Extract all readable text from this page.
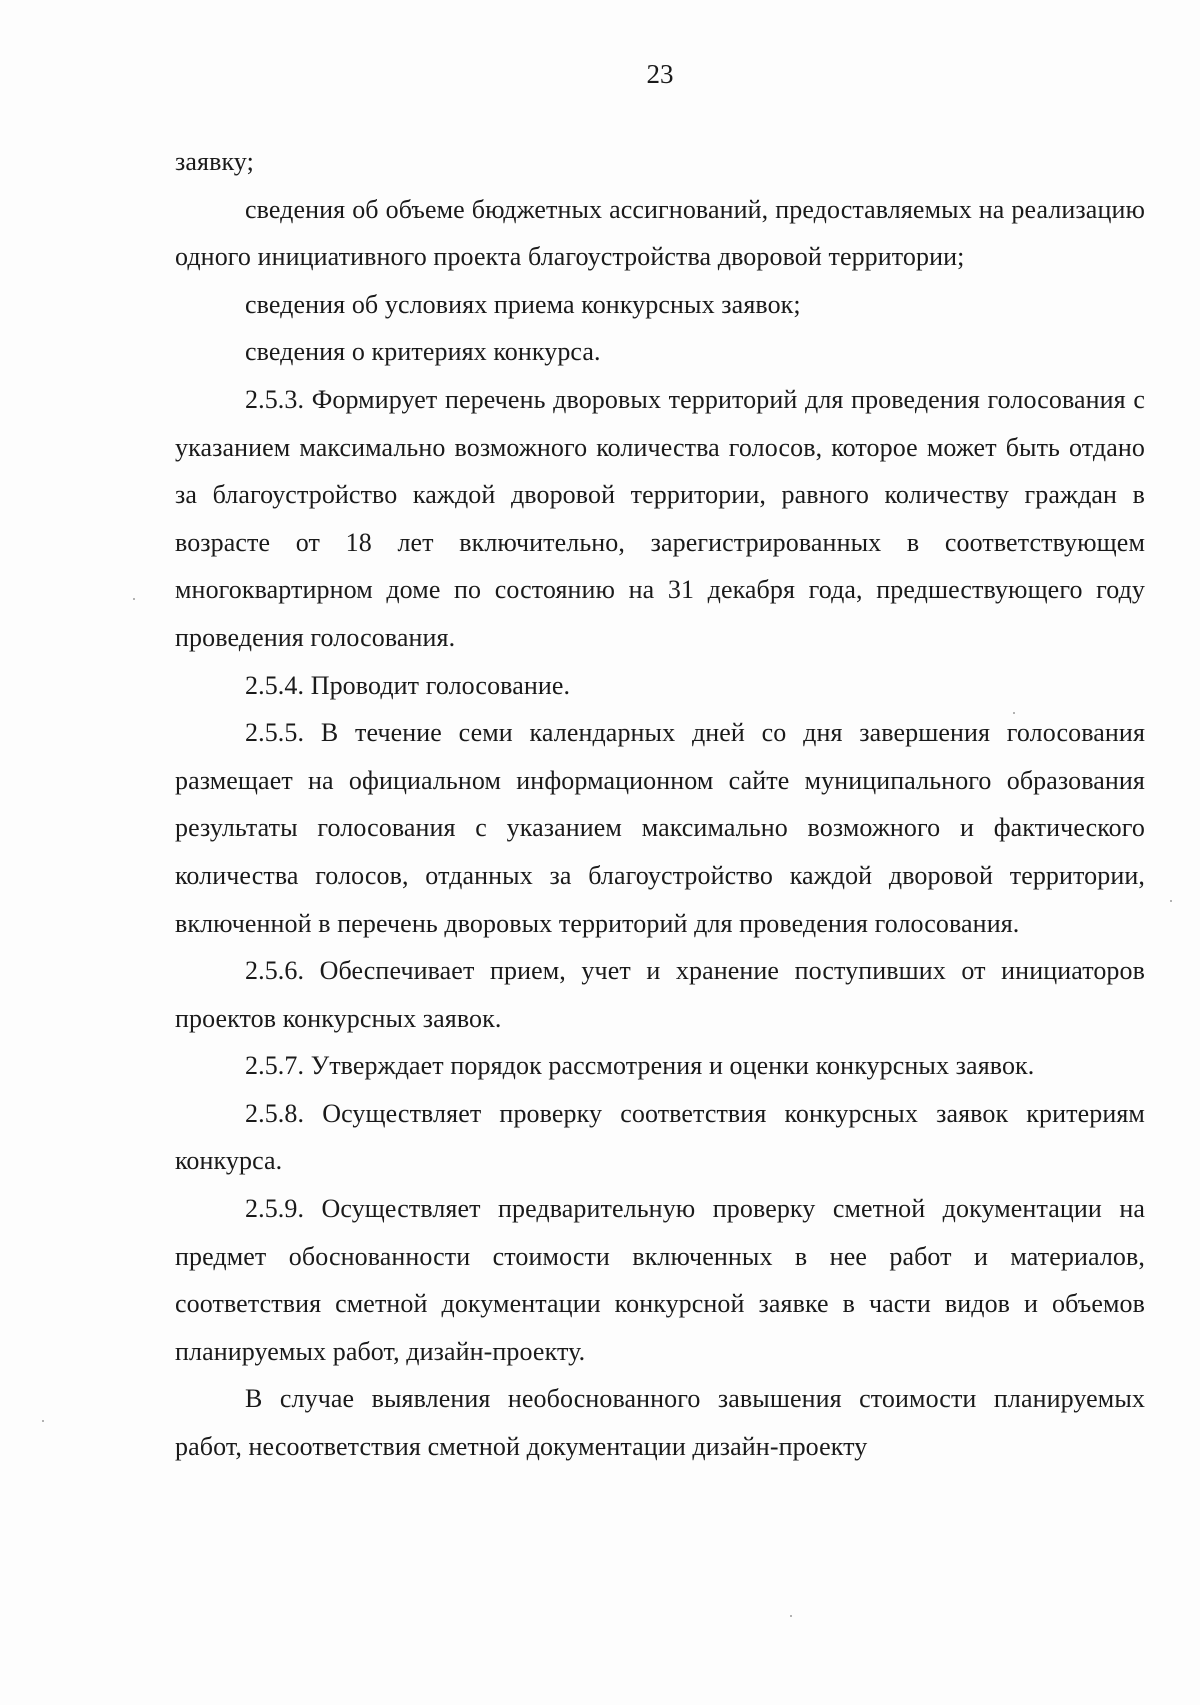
23

заявку;

сведения об объеме бюджетных ассигнований, предоставляемых на реализацию одного инициативного проекта благоустройства дворовой территории;

сведения об условиях приема конкурсных заявок;

сведения о критериях конкурса.

2.5.3. Формирует перечень дворовых территорий для проведения голосования с указанием максимально возможного количества голосов, которое может быть отдано за благоустройство каждой дворовой территории, равного количеству граждан в возрасте от 18 лет включительно, зарегистрированных в соответствующем многоквартирном доме по состоянию на 31 декабря года, предшествующего году проведения голосования.

2.5.4. Проводит голосование.

2.5.5. В течение семи календарных дней со дня завершения голосования размещает на официальном информационном сайте муниципального образования результаты голосования с указанием максимально возможного и фактического количества голосов, отданных за благоустройство каждой дворовой территории, включенной в перечень дворовых территорий для проведения голосования.

2.5.6. Обеспечивает прием, учет и хранение поступивших от инициаторов проектов конкурсных заявок.

2.5.7. Утверждает порядок рассмотрения и оценки конкурсных заявок.

2.5.8. Осуществляет проверку соответствия конкурсных заявок критериям конкурса.

2.5.9. Осуществляет предварительную проверку сметной документации на предмет обоснованности стоимости включенных в нее работ и материалов, соответствия сметной документации конкурсной заявке в части видов и объемов планируемых работ, дизайн-проекту.

В случае выявления необоснованного завышения стоимости планируемых работ, несоответствия сметной документации дизайн-проекту
